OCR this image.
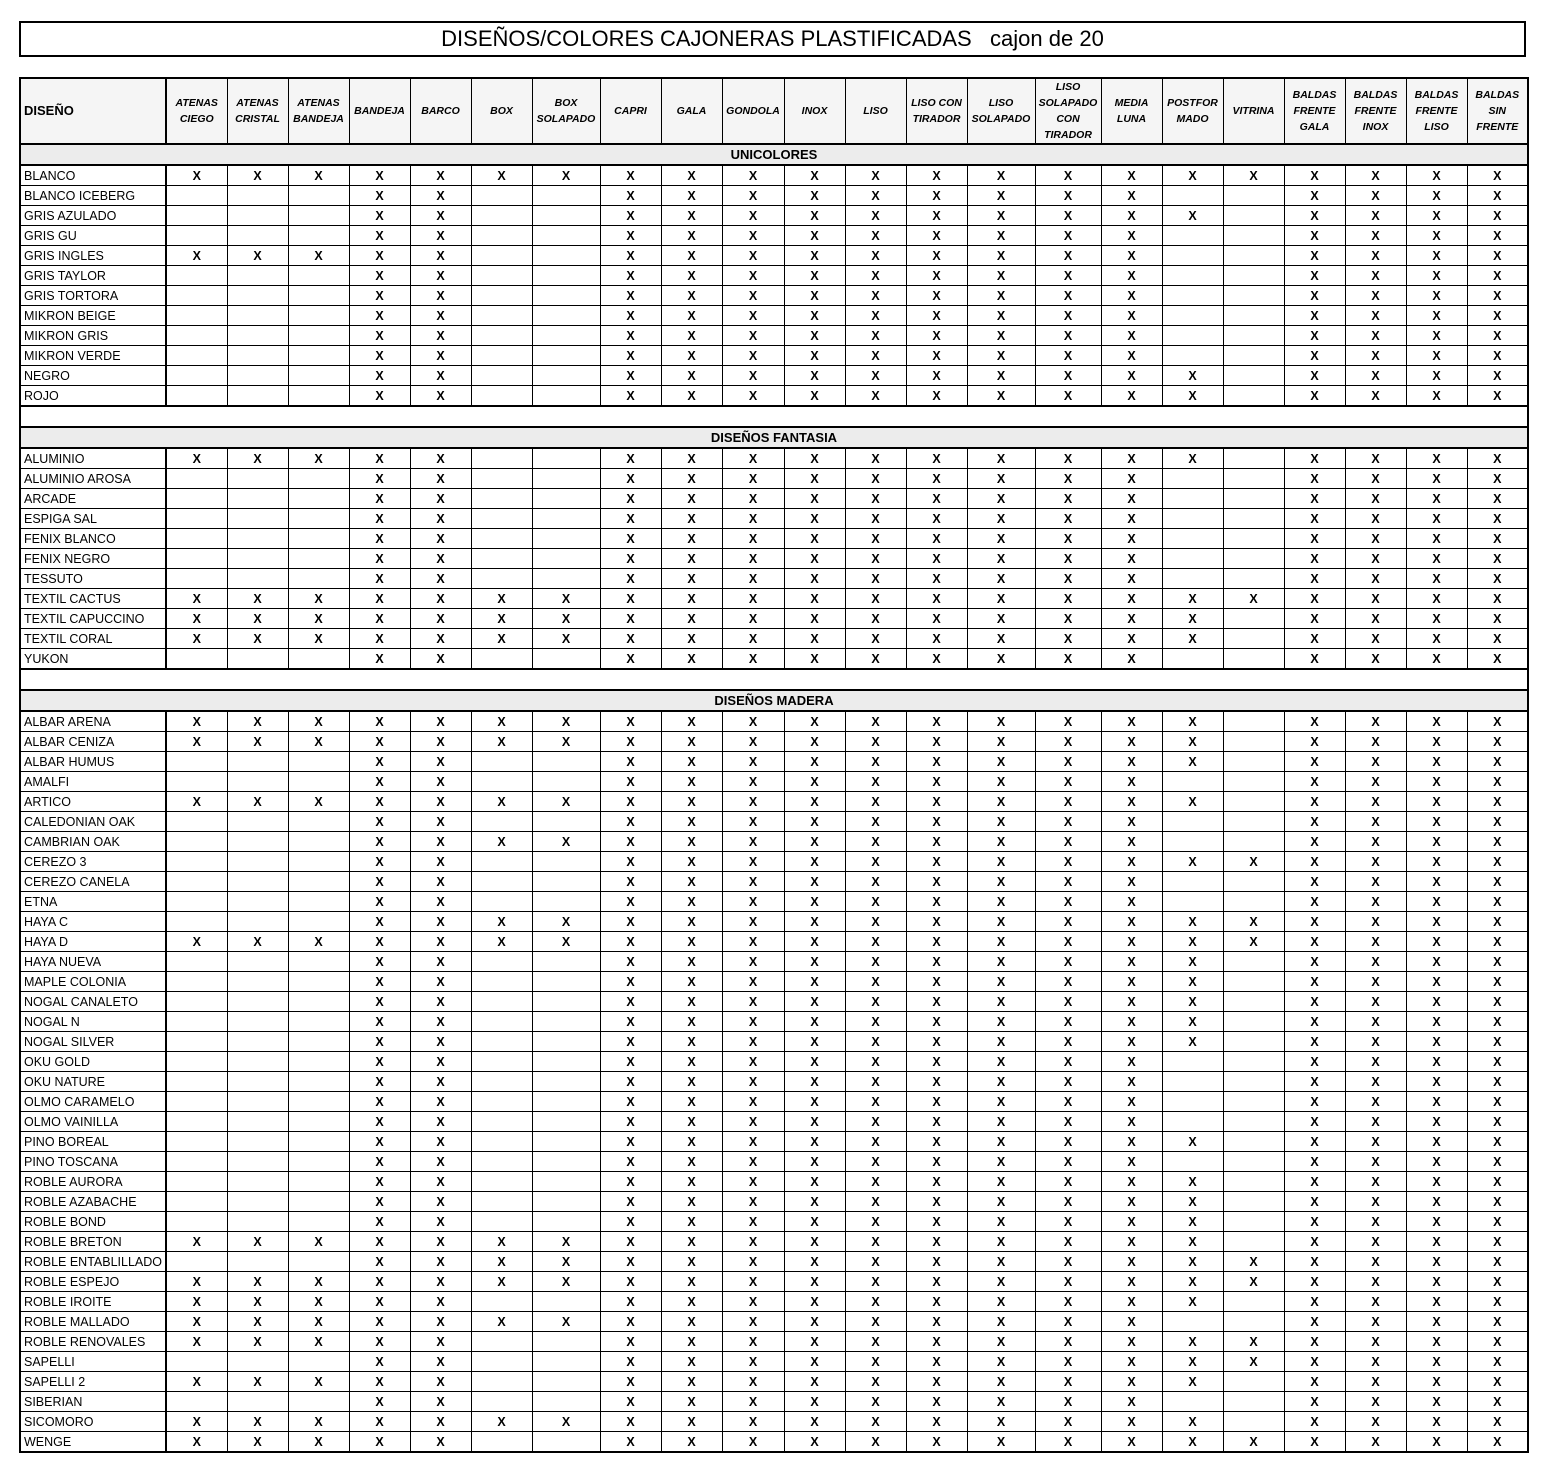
DISEÑOS/COLORES CAJONERAS PLASTIFICADAS   cajon de 20
DISEÑO	ATENAS CIEGO	ATENAS CRISTAL	ATENAS BANDEJA	BANDEJA	BARCO	BOX	BOX SOLAPADO	CAPRI	GALA	GONDOLA	INOX	LISO	LISO CON TIRADOR	LISO SOLAPADO	LISO SOLAPADO CON TIRADOR	MEDIA LUNA	POSTFOR MADO	VITRINA	BALDAS FRENTE GALA	BALDAS FRENTE INOX	BALDAS FRENTE LISO	BALDAS SIN FRENTE
UNICOLORES																						
BLANCO	X	X	X	X	X	X	X	X	X	X	X	X	X	X	X	X	X	X	X	X	X	X
BLANCO ICEBERG				X	X			X	X	X	X	X	X	X	X	X			X	X	X	X
GRIS AZULADO				X	X			X	X	X	X	X	X	X	X	X	X		X	X	X	X
GRIS GU				X	X			X	X	X	X	X	X	X	X	X			X	X	X	X
GRIS INGLES	X	X	X	X	X			X	X	X	X	X	X	X	X	X			X	X	X	X
GRIS TAYLOR				X	X			X	X	X	X	X	X	X	X	X			X	X	X	X
GRIS TORTORA				X	X			X	X	X	X	X	X	X	X	X			X	X	X	X
MIKRON BEIGE				X	X			X	X	X	X	X	X	X	X	X			X	X	X	X
MIKRON GRIS				X	X			X	X	X	X	X	X	X	X	X			X	X	X	X
MIKRON VERDE				X	X			X	X	X	X	X	X	X	X	X			X	X	X	X
NEGRO				X	X			X	X	X	X	X	X	X	X	X	X		X	X	X	X
ROJO				X	X			X	X	X	X	X	X	X	X	X	X		X	X	X	X

DISEÑOS FANTASIA																						
ALUMINIO	X	X	X	X	X			X	X	X	X	X	X	X	X	X	X		X	X	X	X
ALUMINIO AROSA				X	X			X	X	X	X	X	X	X	X	X			X	X	X	X
ARCADE				X	X			X	X	X	X	X	X	X	X	X			X	X	X	X
ESPIGA SAL				X	X			X	X	X	X	X	X	X	X	X			X	X	X	X
FENIX BLANCO				X	X			X	X	X	X	X	X	X	X	X			X	X	X	X
FENIX NEGRO				X	X			X	X	X	X	X	X	X	X	X			X	X	X	X
TESSUTO				X	X			X	X	X	X	X	X	X	X	X			X	X	X	X
TEXTIL CACTUS	X	X	X	X	X	X	X	X	X	X	X	X	X	X	X	X	X	X	X	X	X	X
TEXTIL CAPUCCINO	X	X	X	X	X	X	X	X	X	X	X	X	X	X	X	X	X		X	X	X	X
TEXTIL CORAL	X	X	X	X	X	X	X	X	X	X	X	X	X	X	X	X	X		X	X	X	X
YUKON				X	X			X	X	X	X	X	X	X	X	X			X	X	X	X

DISEÑOS MADERA																						
ALBAR ARENA	X	X	X	X	X	X	X	X	X	X	X	X	X	X	X	X	X		X	X	X	X
ALBAR CENIZA	X	X	X	X	X	X	X	X	X	X	X	X	X	X	X	X	X		X	X	X	X
ALBAR HUMUS				X	X			X	X	X	X	X	X	X	X	X	X		X	X	X	X
AMALFI				X	X			X	X	X	X	X	X	X	X	X			X	X	X	X
ARTICO	X	X	X	X	X	X	X	X	X	X	X	X	X	X	X	X	X		X	X	X	X
CALEDONIAN OAK				X	X			X	X	X	X	X	X	X	X	X			X	X	X	X
CAMBRIAN OAK				X	X	X	X	X	X	X	X	X	X	X	X	X			X	X	X	X
CEREZO 3				X	X			X	X	X	X	X	X	X	X	X	X	X	X	X	X	X
CEREZO CANELA				X	X			X	X	X	X	X	X	X	X	X			X	X	X	X
ETNA				X	X			X	X	X	X	X	X	X	X	X			X	X	X	X
HAYA C				X	X	X	X	X	X	X	X	X	X	X	X	X	X	X	X	X	X	X
HAYA D	X	X	X	X	X	X	X	X	X	X	X	X	X	X	X	X	X	X	X	X	X	X
HAYA NUEVA				X	X			X	X	X	X	X	X	X	X	X	X		X	X	X	X
MAPLE COLONIA				X	X			X	X	X	X	X	X	X	X	X	X		X	X	X	X
NOGAL CANALETO				X	X			X	X	X	X	X	X	X	X	X	X		X	X	X	X
NOGAL N				X	X			X	X	X	X	X	X	X	X	X	X		X	X	X	X
NOGAL SILVER				X	X			X	X	X	X	X	X	X	X	X	X		X	X	X	X
OKU GOLD				X	X			X	X	X	X	X	X	X	X	X			X	X	X	X
OKU NATURE				X	X			X	X	X	X	X	X	X	X	X			X	X	X	X
OLMO CARAMELO				X	X			X	X	X	X	X	X	X	X	X			X	X	X	X
OLMO VAINILLA				X	X			X	X	X	X	X	X	X	X	X			X	X	X	X
PINO BOREAL				X	X			X	X	X	X	X	X	X	X	X	X		X	X	X	X
PINO TOSCANA				X	X			X	X	X	X	X	X	X	X	X			X	X	X	X
ROBLE AURORA				X	X			X	X	X	X	X	X	X	X	X	X		X	X	X	X
ROBLE AZABACHE				X	X			X	X	X	X	X	X	X	X	X	X		X	X	X	X
ROBLE BOND				X	X			X	X	X	X	X	X	X	X	X	X		X	X	X	X
ROBLE BRETON	X	X	X	X	X	X	X	X	X	X	X	X	X	X	X	X	X		X	X	X	X
ROBLE ENTABLILLADO				X	X	X	X	X	X	X	X	X	X	X	X	X	X	X	X	X	X	X
ROBLE ESPEJO	X	X	X	X	X	X	X	X	X	X	X	X	X	X	X	X	X	X	X	X	X	X
ROBLE IROITE	X	X	X	X	X			X	X	X	X	X	X	X	X	X	X		X	X	X	X
ROBLE MALLADO	X	X	X	X	X	X	X	X	X	X	X	X	X	X	X	X			X	X	X	X
ROBLE RENOVALES	X	X	X	X	X			X	X	X	X	X	X	X	X	X	X	X	X	X	X	X
SAPELLI				X	X			X	X	X	X	X	X	X	X	X	X	X	X	X	X	X
SAPELLI 2	X	X	X	X	X			X	X	X	X	X	X	X	X	X	X		X	X	X	X
SIBERIAN				X	X			X	X	X	X	X	X	X	X	X			X	X	X	X
SICOMORO	X	X	X	X	X	X	X	X	X	X	X	X	X	X	X	X	X		X	X	X	X
WENGE	X	X	X	X	X			X	X	X	X	X	X	X	X	X	X	X	X	X	X	X
